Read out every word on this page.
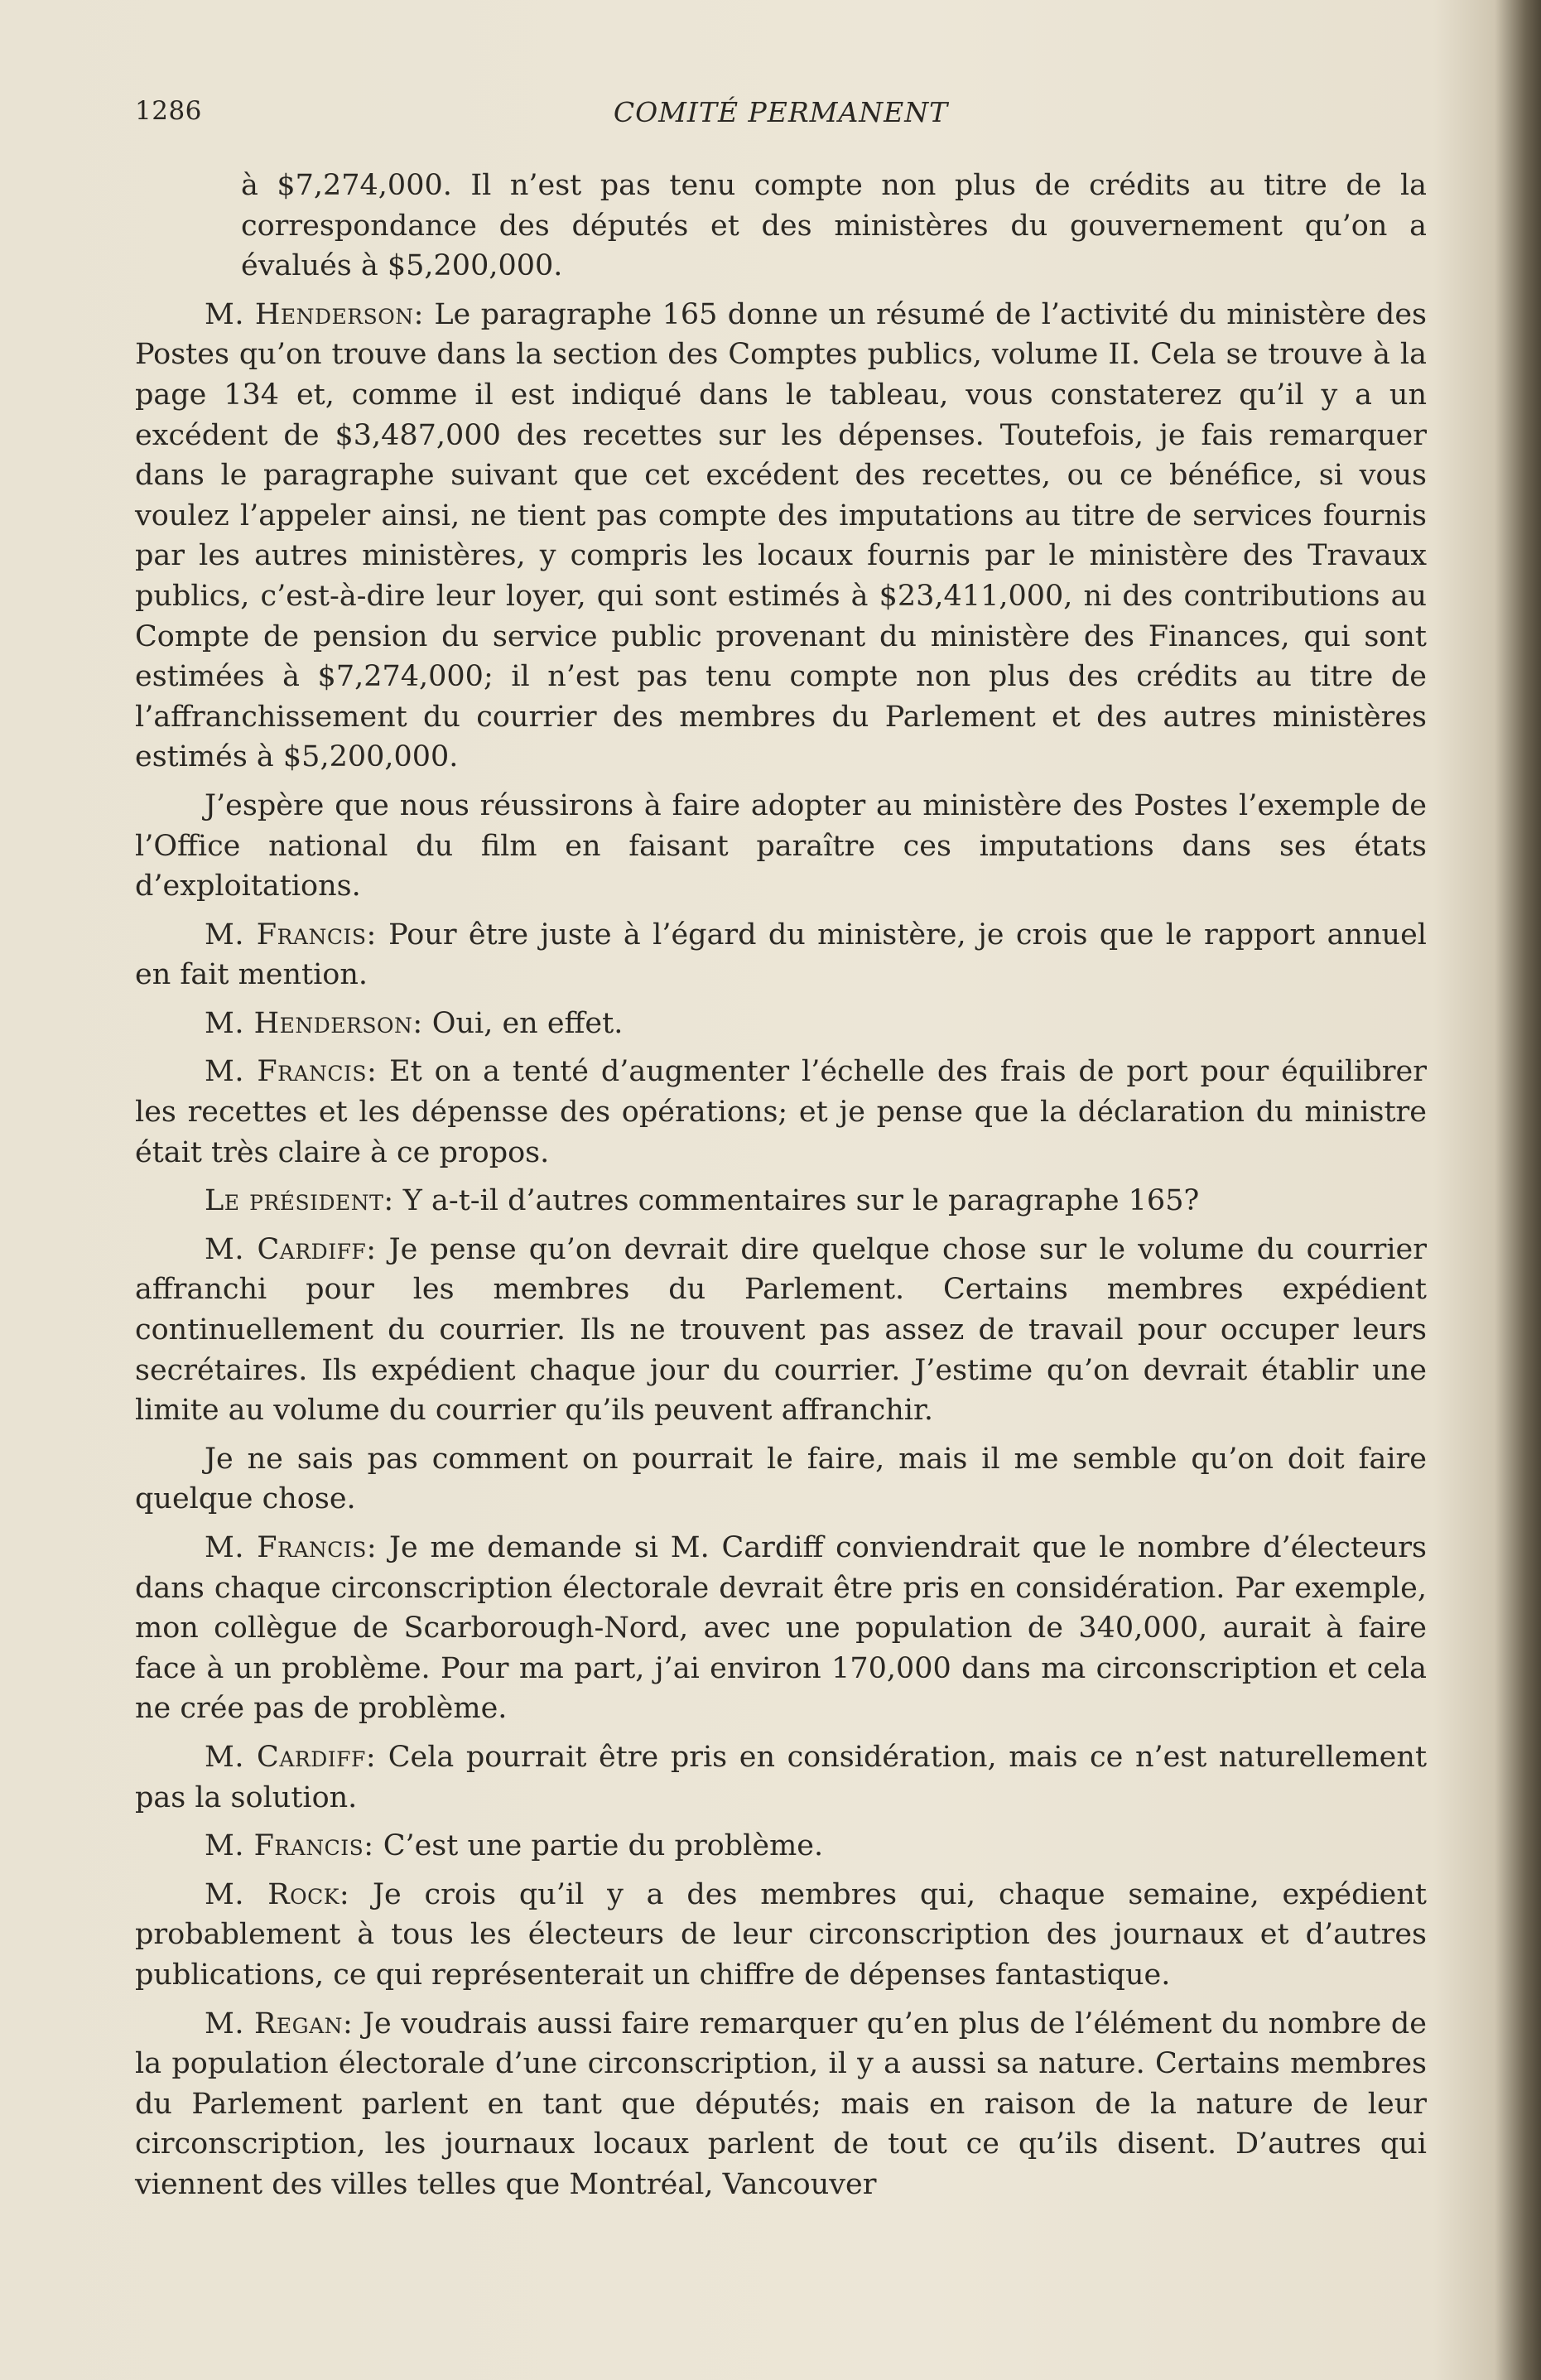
1286	COMITÉ PERMANENT

à $7,274,000. Il n’est pas tenu compte non plus de crédits au titre de la correspondance des députés et des ministères du gouvernement qu’on a évalués à $5,200,000.

M. Henderson: Le paragraphe 165 donne un résumé de l’activité du ministère des Postes qu’on trouve dans la section des Comptes publics, volume II. Cela se trouve à la page 134 et, comme il est indiqué dans le tableau, vous constaterez qu’il y a un excédent de $3,487,000 des recettes sur les dépenses. Toutefois, je fais remarquer dans le paragraphe suivant que cet excédent des recettes, ou ce bénéfice, si vous voulez l’appeler ainsi, ne tient pas compte des imputations au titre de services fournis par les autres ministères, y compris les locaux fournis par le ministère des Travaux publics, c’est-à-dire leur loyer, qui sont estimés à $23,411,000, ni des contributions au Compte de pension du service public provenant du ministère des Finances, qui sont estimées à $7,274,000; il n’est pas tenu compte non plus des crédits au titre de l’affranchissement du courrier des membres du Parlement et des autres ministères estimés à $5,200,000.

J’espère que nous réussirons à faire adopter au ministère des Postes l’exemple de l’Office national du film en faisant paraître ces imputations dans ses états d’exploitations.

M. Francis: Pour être juste à l’égard du ministère, je crois que le rapport annuel en fait mention.

M. Henderson: Oui, en effet.

M. Francis: Et on a tenté d’augmenter l’échelle des frais de port pour équilibrer les recettes et les dépensse des opérations; et je pense que la déclaration du ministre était très claire à ce propos.

Le président: Y a-t-il d’autres commentaires sur le paragraphe 165?

M. Cardiff: Je pense qu’on devrait dire quelque chose sur le volume du courrier affranchi pour les membres du Parlement. Certains membres expédient continuellement du courrier. Ils ne trouvent pas assez de travail pour occuper leurs secrétaires. Ils expédient chaque jour du courrier. J’estime qu’on devrait établir une limite au volume du courrier qu’ils peuvent affranchir.

Je ne sais pas comment on pourrait le faire, mais il me semble qu’on doit faire quelque chose.

M. Francis: Je me demande si M. Cardiff conviendrait que le nombre d’électeurs dans chaque circonscription électorale devrait être pris en considération. Par exemple, mon collègue de Scarborough-Nord, avec une population de 340,000, aurait à faire face à un problème. Pour ma part, j’ai environ 170,000 dans ma circonscription et cela ne crée pas de problème.

M. Cardiff: Cela pourrait être pris en considération, mais ce n’est naturellement pas la solution.

M. Francis: C’est une partie du problème.

M. Rock: Je crois qu’il y a des membres qui, chaque semaine, expédient probablement à tous les électeurs de leur circonscription des journaux et d’autres publications, ce qui représenterait un chiffre de dépenses fantastique.

M. Regan: Je voudrais aussi faire remarquer qu’en plus de l’élément du nombre de la population électorale d’une circonscription, il y a aussi sa nature. Certains membres du Parlement parlent en tant que députés; mais en raison de la nature de leur circonscription, les journaux locaux parlent de tout ce qu’ils disent. D’autres qui viennent des villes telles que Montréal, Vancouver
